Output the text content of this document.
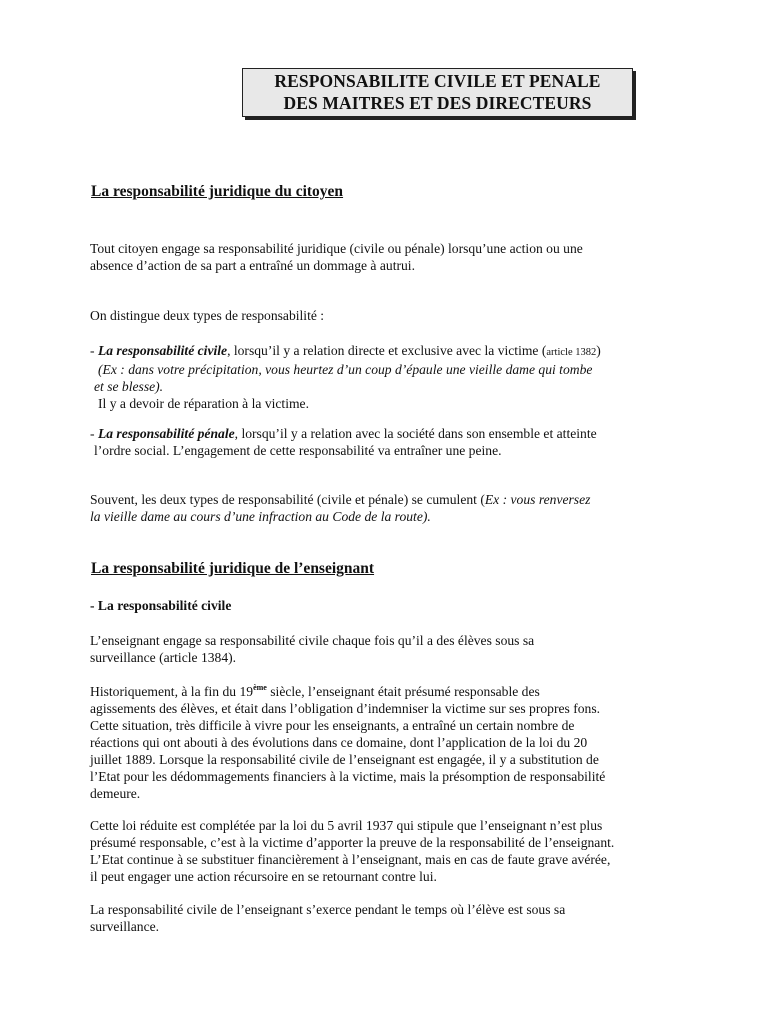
RESPONSABILITE CIVILE ET PENALE
DES MAITRES ET DES DIRECTEURS
La responsabilité juridique du citoyen
Tout citoyen engage sa responsabilité juridique (civile ou pénale) lorsqu’une action ou une
absence d’action de sa part a entraîné un dommage à autrui.
On distingue deux types de responsabilité :
- La responsabilité civile, lorsqu’il y a relation directe et exclusive avec la victime (article 1382)
(Ex : dans votre précipitation, vous heurtez d’un coup d’épaule une vieille dame qui tombe
et se blesse).
Il y a devoir de réparation à la victime.
- La responsabilité pénale, lorsqu’il y a relation avec la société dans son ensemble et atteinte
l’ordre social. L’engagement de cette responsabilité va entraîner une peine.
Souvent, les deux types de responsabilité (civile et pénale) se cumulent (Ex : vous renversez
la vieille dame au cours d’une infraction au Code de la route).
La responsabilité juridique de l’enseignant
- La responsabilité civile
L’enseignant engage sa responsabilité civile chaque fois qu’il a des élèves sous sa
surveillance (article 1384).
Historiquement, à la fin du 19ème siècle, l’enseignant était présumé responsable des
agissements des élèves, et était dans l’obligation d’indemniser la victime sur ses propres fons.
Cette situation, très difficile à vivre pour les enseignants, a entraîné un certain nombre de
réactions qui ont abouti à des évolutions dans ce domaine, dont l’application de la loi du 20
juillet 1889. Lorsque la responsabilité civile de l’enseignant est engagée, il y a substitution de
l’Etat pour les dédommagements financiers à la victime, mais la présomption de responsabilité
demeure.
Cette loi réduite est complétée par la loi du 5 avril 1937 qui stipule que l’enseignant n’est plus
présumé responsable, c’est à la victime d’apporter la preuve de la responsabilité de l’enseignant.
L’Etat continue à se substituer financièrement à l’enseignant, mais en cas de faute grave avérée,
il peut engager une action récursoire en se retournant contre lui.
La responsabilité civile de l’enseignant s’exerce pendant le temps où l’élève est sous sa
surveillance.
